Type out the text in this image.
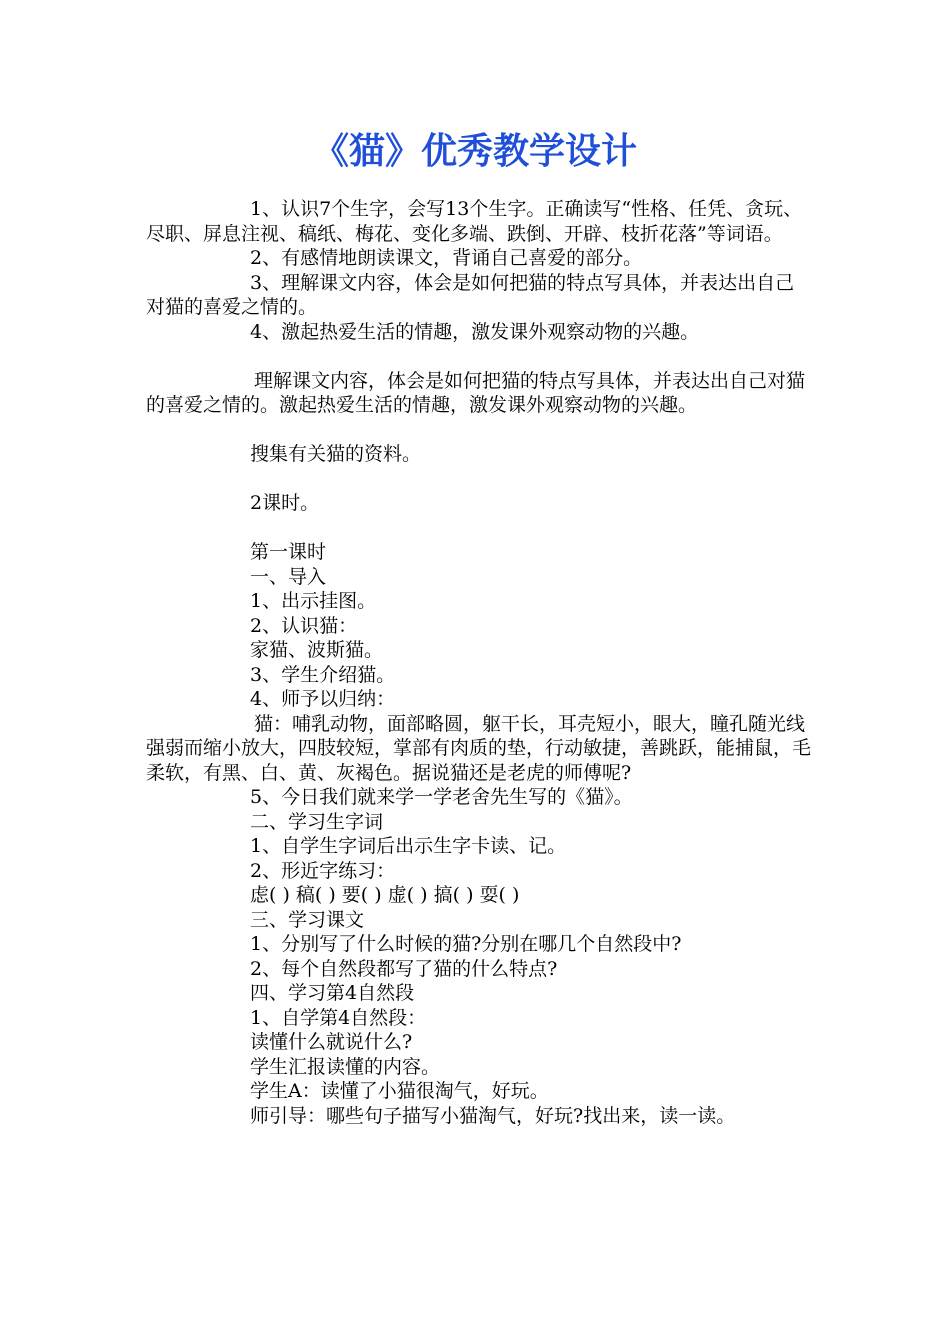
《猫》优秀教学设计

1、认识7个生字，会写13个生字。正确读写“性格、任凭、贪玩、尽职、屏息注视、稿纸、梅花、变化多端、跌倒、开辟、枝折花落”等词语。

2、有感情地朗读课文，背诵自己喜爱的部分。

3、理解课文内容，体会是如何把猫的特点写具体，并表达出自己对猫的喜爱之情的。

4、激起热爱生活的情趣，激发课外观察动物的兴趣。

理解课文内容，体会是如何把猫的特点写具体，并表达出自己对猫的喜爱之情的。激起热爱生活的情趣，激发课外观察动物的兴趣。

搜集有关猫的资料。

2课时。

第一课时

一、导入

1、出示挂图。

2、认识猫：

家猫、波斯猫。

3、学生介绍猫。

4、师予以归纳：

猫：哺乳动物，面部略圆，躯干长，耳壳短小，眼大，瞳孔随光线强弱而缩小放大，四肢较短，掌部有肉质的垫，行动敏捷，善跳跃，能捕鼠，毛柔软，有黑、白、黄、灰褐色。据说猫还是老虎的师傅呢?

5、今日我们就来学一学老舍先生写的《猫》。

二、学习生字词

1、自学生字词后出示生字卡读、记。

2、形近字练习：

虑( ) 稿( ) 要( ) 虚( ) 搞( ) 耍( )

三、学习课文

1、分别写了什么时候的猫?分别在哪几个自然段中?

2、每个自然段都写了猫的什么特点?

四、学习第4自然段

1、自学第4自然段：

读懂什么就说什么?

学生汇报读懂的内容。

学生A：读懂了小猫很淘气，好玩。

师引导：哪些句子描写小猫淘气，好玩?找出来，读一读。
